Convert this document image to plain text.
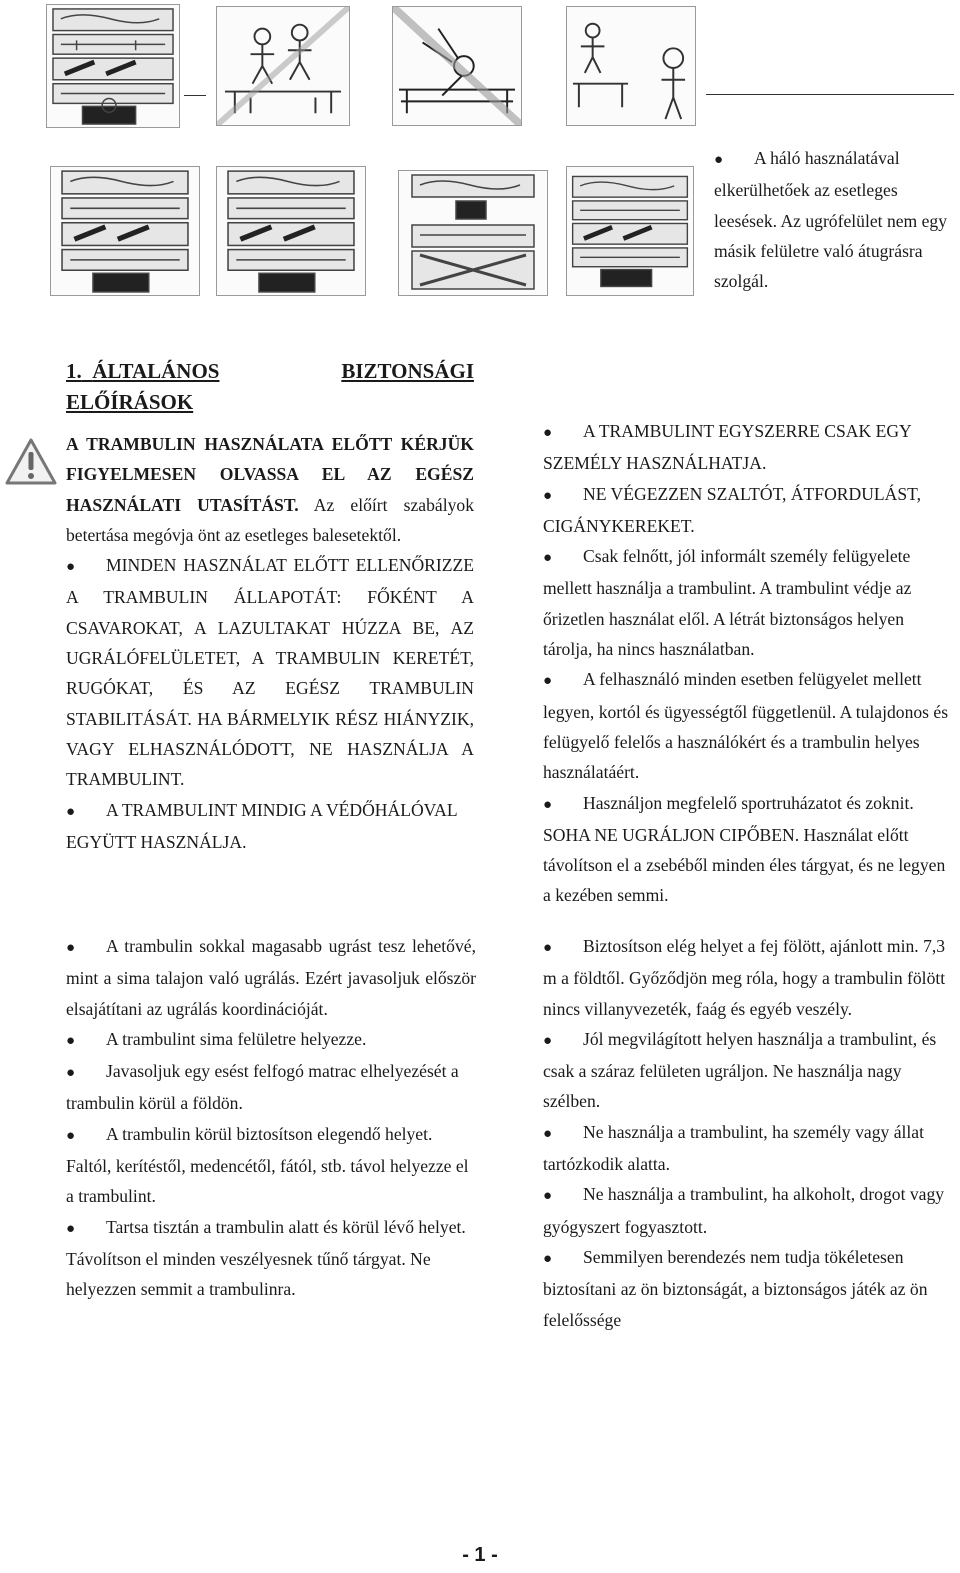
● A háló használatával elkerülhetőek az esetleges leesések. Az ugrófelület nem egy másik felületre való átugrásra szolgál.
1. ÁLTALÁNOS	BIZTONSÁGI
ELŐÍRÁSOK
A TRAMBULIN HASZNÁLATA ELŐTT KÉRJÜK FIGYELMESEN OLVASSA EL AZ EGÉSZ HASZNÁLATI UTASÍTÁST. Az előírt szabályok betertása megóvja önt az esetleges balesetektől.
● MINDEN HASZNÁLAT ELŐTT ELLENŐRIZZE A TRAMBULIN ÁLLAPOTÁT: FŐKÉNT A CSAVAROKAT, A LAZULTAKAT HÚZZA BE, AZ UGRÁLÓFELÜLETET, A TRAMBULIN KERETÉT, RUGÓKAT, ÉS AZ EGÉSZ TRAMBULIN STABILITÁSÁT. HA BÁRMELYIK RÉSZ HIÁNYZIK, VAGY ELHASZNÁLÓDOTT, NE HASZNÁLJA A TRAMBULINT.
● A TRAMBULINT MINDIG A VÉDŐHÁLÓVAL EGYÜTT HASZNÁLJA.
● A TRAMBULINT EGYSZERRE CSAK EGY SZEMÉLY HASZNÁLHATJA.
● NE VÉGEZZEN SZALTÓT, ÁTFORDULÁST, CIGÁNYKEREKET.
● Csak felnőtt, jól informált személy felügyelete mellett használja a trambulint. A trambulint védje az őrizetlen használat elől. A létrát biztonságos helyen tárolja, ha nincs használatban.
● A felhasználó minden esetben felügyelet mellett legyen, kortól és ügyességtől függetlenül. A tulajdonos és felügyelő felelős a használókért és a trambulin helyes használatáért.
● Használjon megfelelő sportruházatot és zoknit. SOHA NE UGRÁLJON CIPŐBEN. Használat előtt távolítson el a zsebéből minden éles tárgyat, és ne legyen a kezében semmi.
● A trambulin sokkal magasabb ugrást tesz lehetővé, mint a sima talajon való ugrálás. Ezért javasoljuk először elsajátítani az ugrálás koordinációját.
● A trambulint sima felületre helyezze.
● Javasoljuk egy esést felfogó matrac elhelyezését a trambulin körül a földön.
● A trambulin körül biztosítson elegendő helyet. Faltól, kerítéstől, medencétől, fától, stb. távol helyezze el a trambulint.
● Tartsa tisztán a trambulin alatt és körül lévő helyet. Távolítson el minden veszélyesnek tűnő tárgyat. Ne helyezzen semmit a trambulinra.
● Biztosítson elég helyet a fej fölött, ajánlott min. 7,3 m a földtől. Győződjön meg róla, hogy a trambulin fölött nincs villanyvezeték, faág és egyéb veszély.
● Jól megvilágított helyen használja a trambulint, és csak a száraz felületen ugráljon. Ne használja nagy szélben.
● Ne használja a trambulint, ha személy vagy állat tartózkodik alatta.
● Ne használja a trambulint, ha alkoholt, drogot vagy gyógyszert fogyasztott.
● Semmilyen berendezés nem tudja tökéletesen biztosítani az ön biztonságát, a biztonságos játék az ön felelőssége
- 1 -
